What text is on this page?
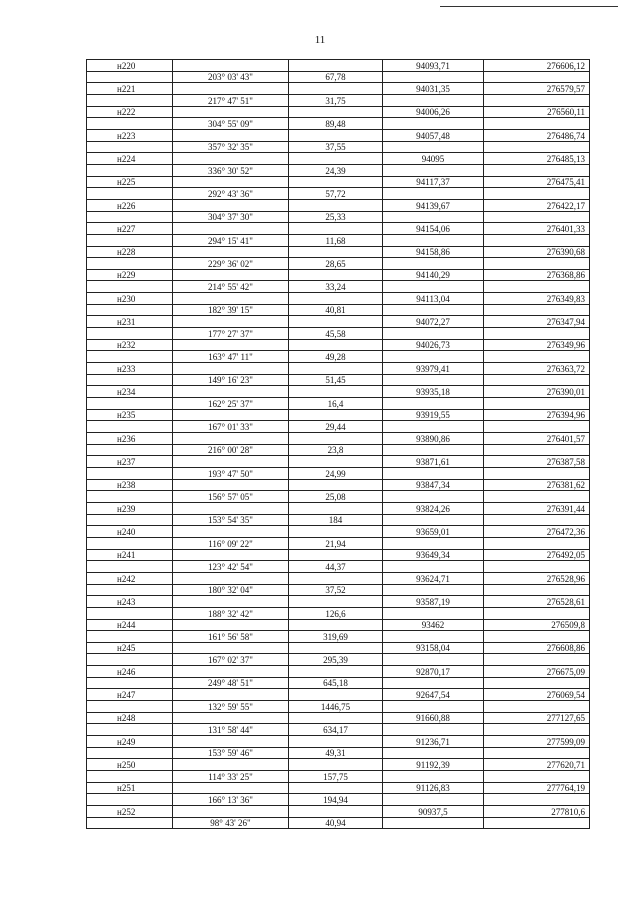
11
н220			94093,71	276606,12
	203° 03' 43"	67,78		
н221			94031,35	276579,57
	217° 47' 51"	31,75		
н222			94006,26	276560,11
	304° 55' 09"	89,48		
н223			94057,48	276486,74
	357° 32' 35"	37,55		
н224			94095	276485,13
	336° 30' 52"	24,39		
н225			94117,37	276475,41
	292° 43' 36"	57,72		
н226			94139,67	276422,17
	304° 37' 30"	25,33		
н227			94154,06	276401,33
	294° 15' 41"	11,68		
н228			94158,86	276390,68
	229° 36' 02"	28,65		
н229			94140,29	276368,86
	214° 55' 42"	33,24		
н230			94113,04	276349,83
	182° 39' 15"	40,81		
н231			94072,27	276347,94
	177° 27' 37"	45,58		
н232			94026,73	276349,96
	163° 47' 11"	49,28		
н233			93979,41	276363,72
	149° 16' 23"	51,45		
н234			93935,18	276390,01
	162° 25' 37"	16,4		
н235			93919,55	276394,96
	167° 01' 33"	29,44		
н236			93890,86	276401,57
	216° 00' 28"	23,8		
н237			93871,61	276387,58
	193° 47' 50"	24,99		
н238			93847,34	276381,62
	156° 57' 05"	25,08		
н239			93824,26	276391,44
	153° 54' 35"	184		
н240			93659,01	276472,36
	116° 09' 22"	21,94		
н241			93649,34	276492,05
	123° 42' 54"	44,37		
н242			93624,71	276528,96
	180° 32' 04"	37,52		
н243			93587,19	276528,61
	188° 32' 42"	126,6		
н244			93462	276509,8
	161° 56' 58"	319,69		
н245			93158,04	276608,86
	167° 02' 37"	295,39		
н246			92870,17	276675,09
	249° 48' 51"	645,18		
н247			92647,54	276069,54
	132° 59' 55"	1446,75		
н248			91660,88	277127,65
	131° 58' 44"	634,17		
н249			91236,71	277599,09
	153° 59' 46"	49,31		
н250			91192,39	277620,71
	114° 33' 25"	157,75		
н251			91126,83	277764,19
	166° 13' 36"	194,94		
н252			90937,5	277810,6
	98° 43' 26"	40,94		
